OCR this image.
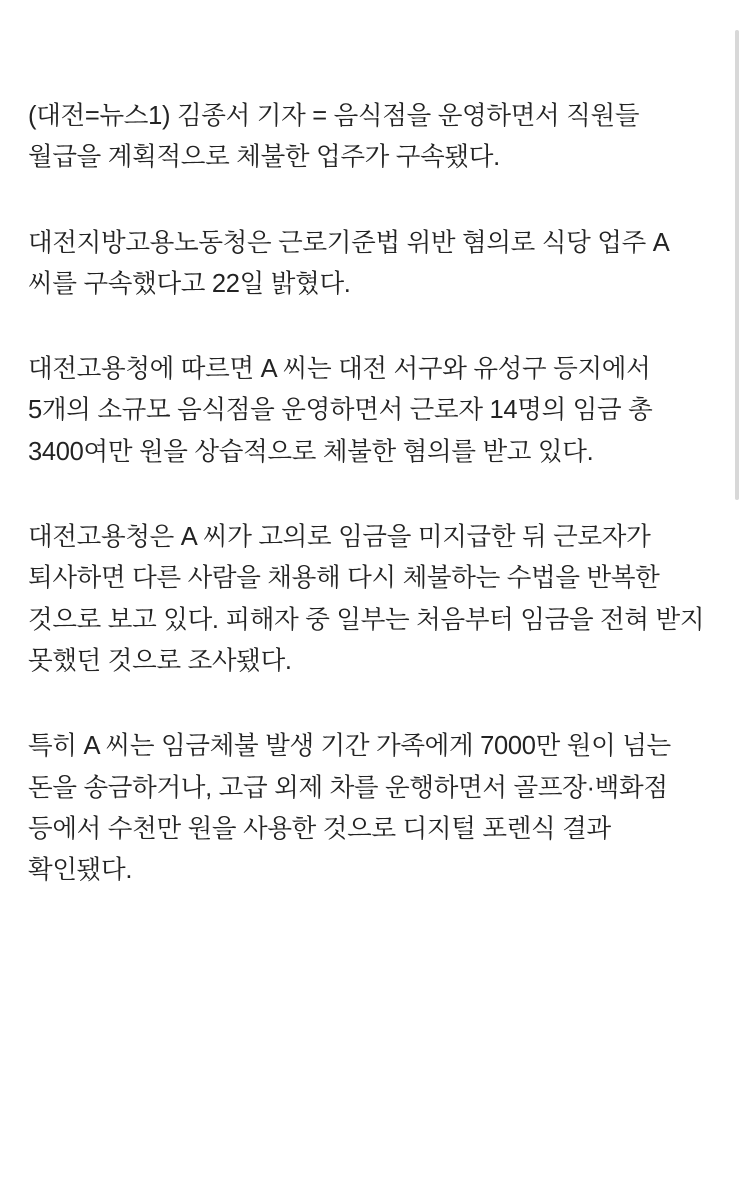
(대전=뉴스1) 김종서 기자 = 음식점을 운영하면서 직원들 월급을 계획적으로 체불한 업주가 구속됐다.

대전지방고용노동청은 근로기준법 위반 혐의로 식당 업주 A 씨를 구속했다고 22일 밝혔다.

대전고용청에 따르면 A 씨는 대전 서구와 유성구 등지에서 5개의 소규모 음식점을 운영하면서 근로자 14명의 임금 총 3400여만 원을 상습적으로 체불한 혐의를 받고 있다.

대전고용청은 A 씨가 고의로 임금을 미지급한 뒤 근로자가 퇴사하면 다른 사람을 채용해 다시 체불하는 수법을 반복한 것으로 보고 있다. 피해자 중 일부는 처음부터 임금을 전혀 받지 못했던 것으로 조사됐다.

특히 A 씨는 임금체불 발생 기간 가족에게 7000만 원이 넘는 돈을 송금하거나, 고급 외제 차를 운행하면서 골프장·백화점 등에서 수천만 원을 사용한 것으로 디지털 포렌식 결과 확인됐다.
